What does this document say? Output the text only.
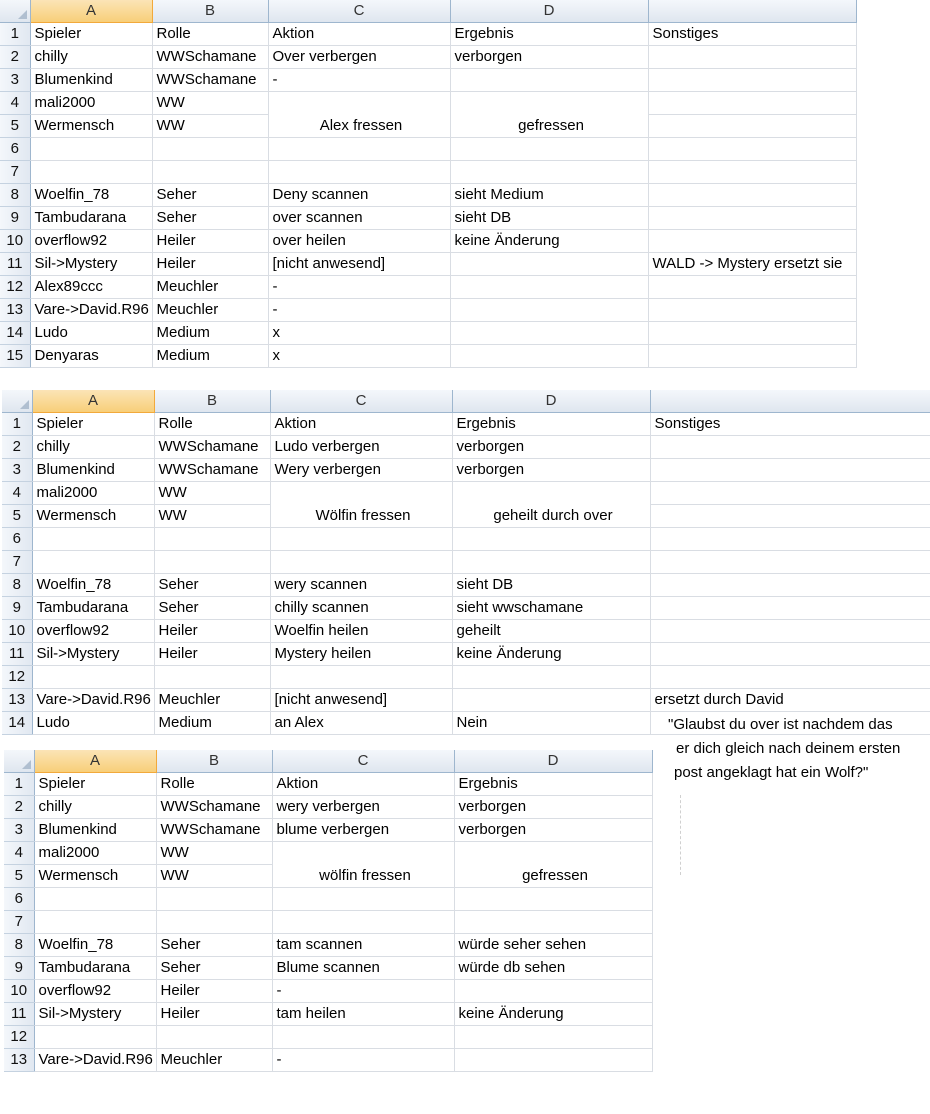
	A	B	C	D	
1	Spieler	Rolle	Aktion	Ergebnis	Sonstiges
2	chilly	WWSchamane	Over verbergen	verborgen	
3	Blumenkind	WWSchamane	-		
4	mali2000	WW	Alex fressen	gefressen	
5	Wermensch	WW			
6					
7					
8	Woelfin_78	Seher	Deny scannen	sieht Medium	
9	Tambudarana	Seher	over scannen	sieht DB	
10	overflow92	Heiler	over heilen	keine Änderung	
11	Sil->Mystery	Heiler	[nicht anwesend]		WALD -> Mystery ersetzt sie
12	Alex89ccc	Meuchler	-		
13	Vare->David.R96	Meuchler	-		
14	Ludo	Medium	x		
15	Denyaras	Medium	x		
	A	B	C	D	
1	Spieler	Rolle	Aktion	Ergebnis	Sonstiges
2	chilly	WWSchamane	Ludo verbergen	verborgen	
3	Blumenkind	WWSchamane	Wery verbergen	verborgen	
4	mali2000	WW	Wölfin fressen	geheilt durch over	
5	Wermensch	WW			
6					
7					
8	Woelfin_78	Seher	wery scannen	sieht DB	
9	Tambudarana	Seher	chilly scannen	sieht wwschamane	
10	overflow92	Heiler	Woelfin heilen	geheilt	
11	Sil->Mystery	Heiler	Mystery heilen	keine Änderung	
12					
13	Vare->David.R96	Meuchler	[nicht anwesend]		ersetzt durch David
14	Ludo	Medium	an Alex	Nein	
	A	B	C	D
1	Spieler	Rolle	Aktion	Ergebnis
2	chilly	WWSchamane	wery verbergen	verborgen
3	Blumenkind	WWSchamane	blume verbergen	verborgen
4	mali2000	WW	wölfin fressen	gefressen
5	Wermensch	WW		
6				
7				
8	Woelfin_78	Seher	tam scannen	würde seher sehen
9	Tambudarana	Seher	Blume scannen	würde db sehen
10	overflow92	Heiler	-	
11	Sil->Mystery	Heiler	tam heilen	keine Änderung
12				
13	Vare->David.R96	Meuchler	-	
"Glaubst du over ist nachdem das
er dich gleich nach deinem ersten
post angeklagt hat ein Wolf?"
